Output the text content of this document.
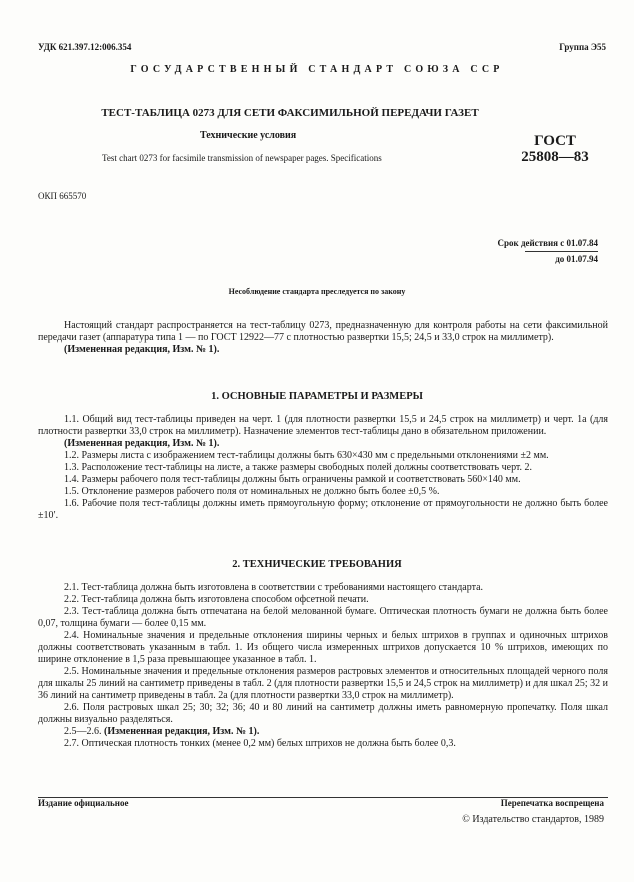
УДК 621.397.12:006.354	Группа Э55
ГОСУДАРСТВЕННЫЙ СТАНДАРТ СОЮЗА ССР
ТЕСТ-ТАБЛИЦА 0273 ДЛЯ СЕТИ ФАКСИМИЛЬНОЙ ПЕРЕДАЧИ ГАЗЕТ
Технические условия
Test chart 0273 for facsimile transmission of newspaper pages. Specifications
ГОСТ
25808—83
ОКП 665570
Срок действия с 01.07.84
до 01.07.94
Несоблюдение стандарта преследуется по закону

Настоящий стандарт распространяется на тест-таблицу 0273, предназначенную для контроля работы на сети факсимильной передачи газет (аппаратура типа 1 — по ГОСТ 12922—77 с плотностью развертки 15,5; 24,5 и 33,0 строк на миллиметр).

(Измененная редакция, Изм. № 1).

1. ОСНОВНЫЕ ПАРАМЕТРЫ И РАЗМЕРЫ

1.1. Общий вид тест-таблицы приведен на черт. 1 (для плотности развертки 15,5 и 24,5 строк на миллиметр) и черт. 1а (для плотности развертки 33,0 строк на миллиметр). Назначение элементов тест-таблицы дано в обязательном приложении.

(Измененная редакция, Изм. № 1).

1.2. Размеры листа с изображением тест-таблицы должны быть 630×430 мм с предельными отклонениями ±2 мм.

1.3. Расположение тест-таблицы на листе, а также размеры свободных полей должны соответствовать черт. 2.

1.4. Размеры рабочего поля тест-таблицы должны быть ограничены рамкой и соответствовать 560×140 мм.

1.5. Отклонение размеров рабочего поля от номинальных не должно быть более ±0,5 %.

1.6. Рабочие поля тест-таблицы должны иметь прямоугольную форму; отклонение от прямоугольности не должно быть более ±10′.

2. ТЕХНИЧЕСКИЕ ТРЕБОВАНИЯ

2.1. Тест-таблица должна быть изготовлена в соответствии с требованиями настоящего стандарта.

2.2. Тест-таблица должна быть изготовлена способом офсетной печати.

2.3. Тест-таблица должна быть отпечатана на белой мелованной бумаге. Оптическая плотность бумаги не должна быть более 0,07, толщина бумаги — более 0,15 мм.

2.4. Номинальные значения и предельные отклонения ширины черных и белых штрихов в группах и одиночных штрихов должны соответствовать указанным в табл. 1. Из общего числа измеренных штрихов допускается 10 % штрихов, имеющих по ширине отклонение в 1,5 раза превышающее указанное в табл. 1.

2.5. Номинальные значения и предельные отклонения размеров растровых элементов и относительных площадей черного поля для шкалы 25 линий на сантиметр приведены в табл. 2 (для плотности развертки 15,5 и 24,5 строк на миллиметр) и для шкал 25; 32 и 36 линий на сантиметр приведены в табл. 2а (для плотности развертки 33,0 строк на миллиметр).

2.6. Поля растровых шкал 25; 30; 32; 36; 40 и 80 линий на сантиметр должны иметь равномерную пропечатку. Поля шкал должны визуально разделяться.

2.5—2.6. (Измененная редакция, Изм. № 1).

2.7. Оптическая плотность тонких (менее 0,2 мм) белых штрихов не должна быть более 0,3.

Издание официальное	Перепечатка воспрещена
© Издательство стандартов, 1989
